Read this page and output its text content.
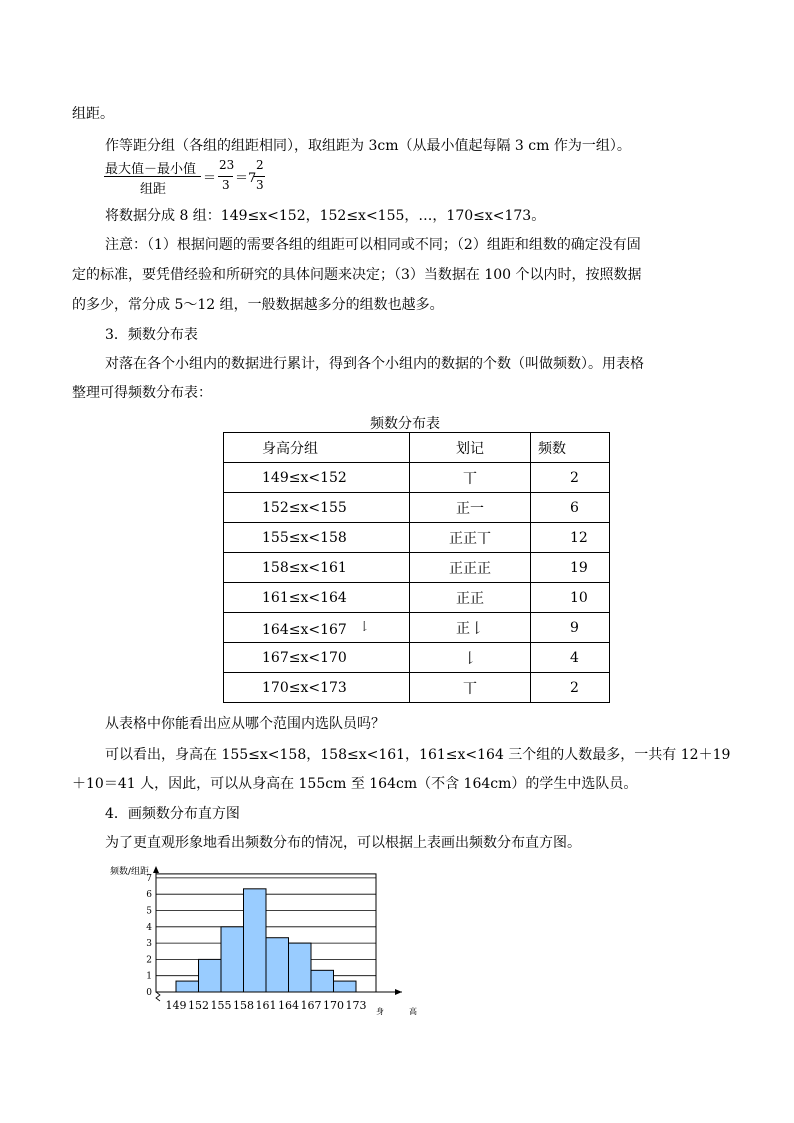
组距。
作等距分组（各组的组距相同），取组距为 3cm（从最小值起每隔 3 cm 作为一组）。
最大值－最小值
组距
＝
23
3 ＝7
2
3
将数据分成 8 组：149≤x<152，152≤x<155，…，170≤x<173。
注意：（1）根据问题的需要各组的组距可以相同或不同；（2）组距和组数的确定没有固
定的标准，要凭借经验和所研究的具体问题来决定；（3）当数据在 100 个以内时，按照数据
的多少，常分成 5～12 组，一般数据越多分的组数也越多。
3．频数分布表
对落在各个小组内的数据进行累计，得到各个小组内的数据的个数（叫做频数）。用表格
整理可得频数分布表：
频数分布表
身高分组	划记	频数
149≤x<152	丅	2
152≤x<155	正一	6
155≤x<158	正正丅	12
158≤x<161	正正正	19
161≤x<164	正正	10
164≤x<167 $^𠄌$	正𠄌	9
167≤x<170	𠄌	4
170≤x<173	丅	2
从表格中你能看出应从哪个范围内选队员吗？
可以看出，身高在 155≤x<158，158≤x<161，161≤x<164 三个组的人数最多，一共有 12＋19
＋10＝41 人，因此，可以从身高在 155cm 至 164cm（不含 164cm）的学生中选队员。
4．画频数分布直方图
为了更直观形象地看出频数分布的情况，可以根据上表画出频数分布直方图。
0
1
2
3
4
5
6
7
149 152 155 158 161 164 167 170 173
频数/组距
身	高
